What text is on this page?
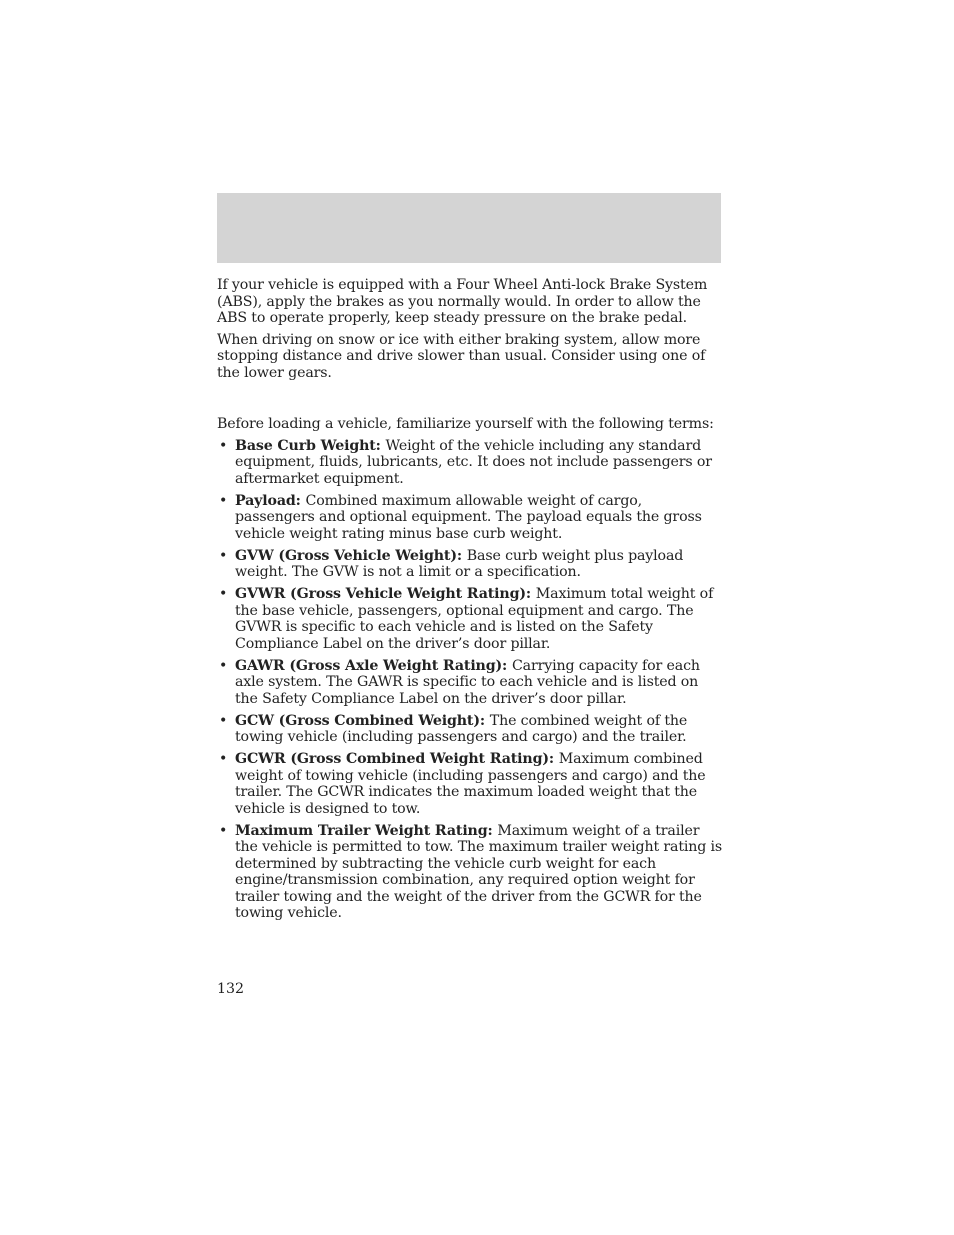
If your vehicle is equipped with a Four Wheel Anti-lock Brake System (ABS), apply the brakes as you normally would. In order to allow the ABS to operate properly, keep steady pressure on the brake pedal.

When driving on snow or ice with either braking system, allow more stopping distance and drive slower than usual. Consider using one of the lower gears.

Before loading a vehicle, familiarize yourself with the following terms:

• Base Curb Weight: Weight of the vehicle including any standard equipment, fluids, lubricants, etc. It does not include passengers or aftermarket equipment.
• Payload: Combined maximum allowable weight of cargo, passengers and optional equipment. The payload equals the gross vehicle weight rating minus base curb weight.
• GVW (Gross Vehicle Weight): Base curb weight plus payload weight. The GVW is not a limit or a specification.
• GVWR (Gross Vehicle Weight Rating): Maximum total weight of the base vehicle, passengers, optional equipment and cargo. The GVWR is specific to each vehicle and is listed on the Safety Compliance Label on the driver’s door pillar.
• GAWR (Gross Axle Weight Rating): Carrying capacity for each axle system. The GAWR is specific to each vehicle and is listed on the Safety Compliance Label on the driver’s door pillar.
• GCW (Gross Combined Weight): The combined weight of the towing vehicle (including passengers and cargo) and the trailer.
• GCWR (Gross Combined Weight Rating): Maximum combined weight of towing vehicle (including passengers and cargo) and the trailer. The GCWR indicates the maximum loaded weight that the vehicle is designed to tow.
• Maximum Trailer Weight Rating: Maximum weight of a trailer the vehicle is permitted to tow. The maximum trailer weight rating is determined by subtracting the vehicle curb weight for each engine/transmission combination, any required option weight for trailer towing and the weight of the driver from the GCWR for the towing vehicle.
132
